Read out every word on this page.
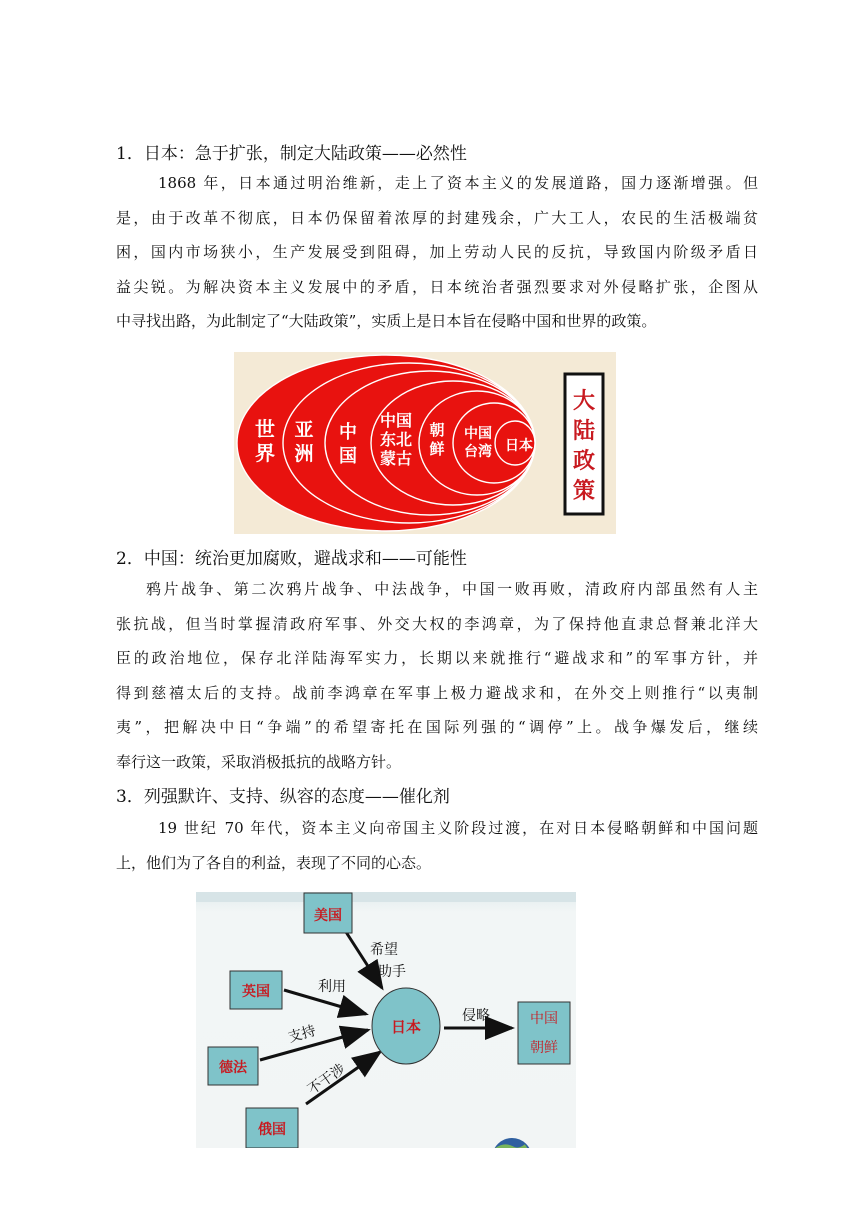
1．日本：急于扩张，制定大陆政策——必然性
1868 年，日本通过明治维新，走上了资本主义的发展道路，国力逐渐增强。但
是，由于改革不彻底，日本仍保留着浓厚的封建残余，广大工人，农民的生活极端贫
困，国内市场狭小，生产发展受到阻碍，加上劳动人民的反抗，导致国内阶级矛盾日
益尖锐。为解决资本主义发展中的矛盾，日本统治者强烈要求对外侵略扩张，企图从
中寻找出路，为此制定了“大陆政策”，实质上是日本旨在侵略中国和世界的政策。
世
界
亚
洲
中
国
中国
东北
蒙古
朝
鲜
中国
台湾 日本
大
陆
政
策
2．中国：统治更加腐败，避战求和——可能性
鸦片战争、第二次鸦片战争、中法战争，中国一败再败，清政府内部虽然有人主
张抗战，但当时掌握清政府军事、外交大权的李鸿章，为了保持他直隶总督兼北洋大
臣的政治地位，保存北洋陆海军实力，长期以来就推行“避战求和”的军事方针，并
得到慈禧太后的支持。战前李鸿章在军事上极力避战求和，在外交上则推行“以夷制
夷”，把解决中日“争端”的希望寄托在国际列强的“调停”上。战争爆发后，继续
奉行这一政策，采取消极抵抗的战略方针。
3．列强默许、支持、纵容的态度——催化剂
19 世纪 70 年代，资本主义向帝国主义阶段过渡，在对日本侵略朝鲜和中国问题
上，他们为了各自的利益，表现了不同的心态。
美国
英国
德法
俄国
日本	中国
朝鲜
希望
助手
利用
支持
不干涉
侵略
